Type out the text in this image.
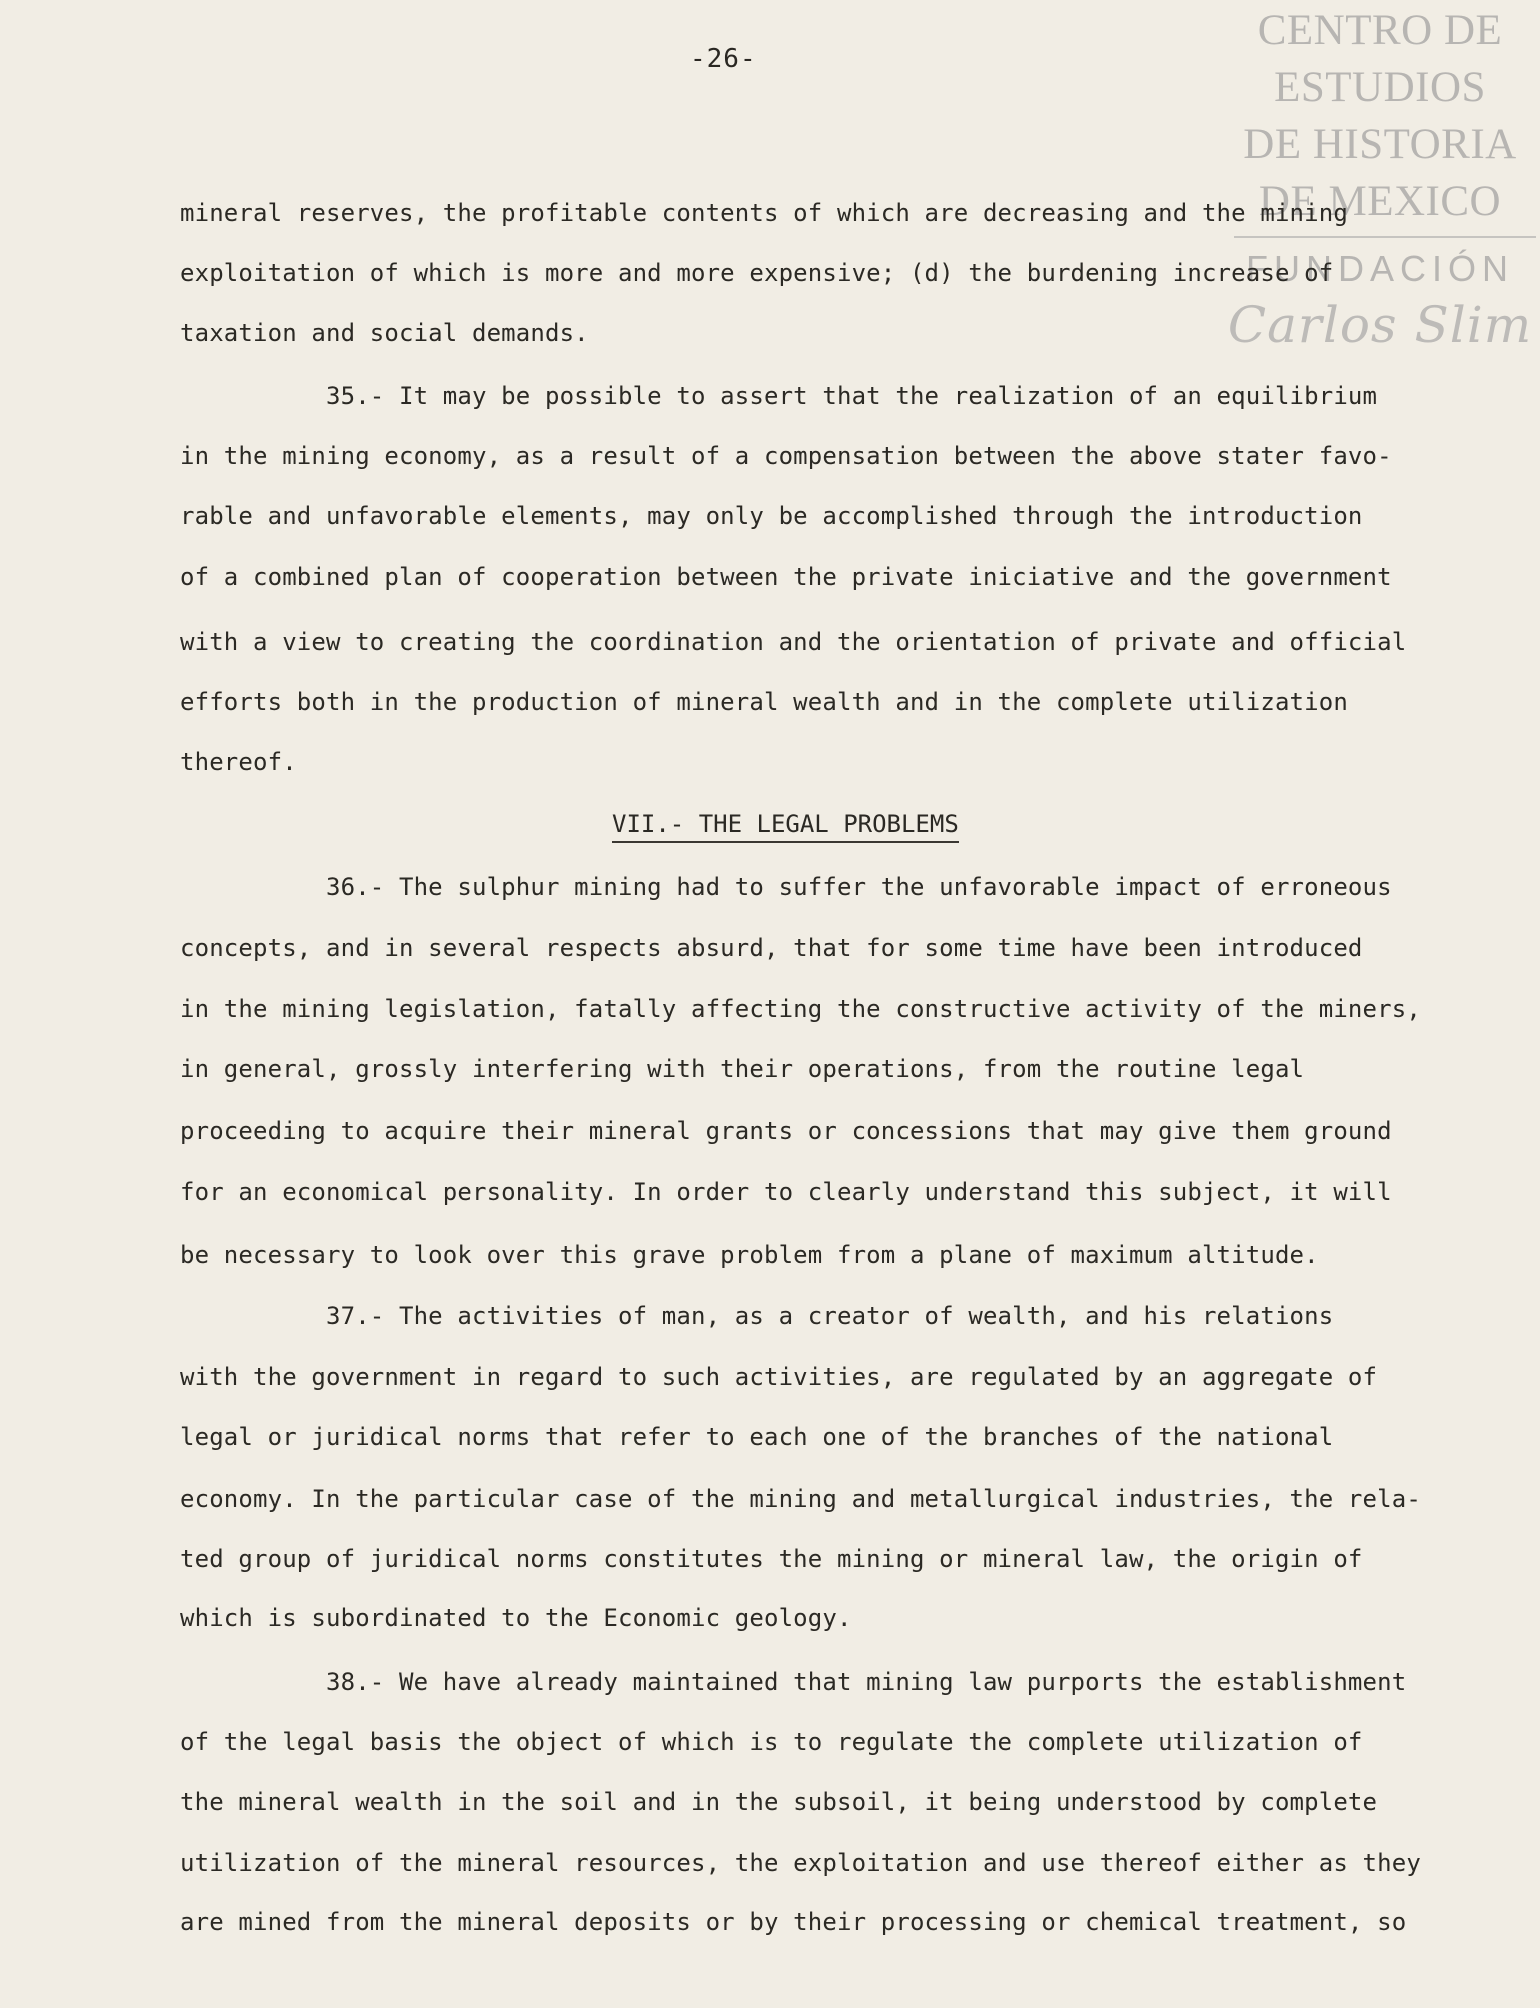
-26-
CENTRO DE
ESTUDIOS
DE HISTORIA
DE MEXICO
FUNDACIÓN
Carlos Slim
mineral reserves, the profitable contents of which are decreasing and the mining
exploitation of which is more and more expensive; (d) the burdening increase of
taxation and social demands.
35.- It may be possible to assert that the realization of an equilibrium
in the mining economy, as a result of a compensation between the above stater favo-
rable and unfavorable elements, may only be accomplished through the introduction
of a combined plan of cooperation between the private iniciative and the government
with a view to creating the coordination and the orientation of private and official
efforts both in the production of mineral wealth and in the complete utilization
thereof.
VII.- THE LEGAL PROBLEMS
36.- The sulphur mining had to suffer the unfavorable impact of erroneous
concepts, and in several respects absurd, that for some time have been introduced
in the mining legislation, fatally affecting the constructive activity of the miners,
in general, grossly interfering with their operations, from the routine legal
proceeding to acquire their mineral grants or concessions that may give them ground
for an economical personality. In order to clearly understand this subject, it will
be necessary to look over this grave problem from a plane of maximum altitude.
37.- The activities of man, as a creator of wealth, and his relations
with the government in regard to such activities, are regulated by an aggregate of
legal or juridical norms that refer to each one of the branches of the national
economy. In the particular case of the mining and metallurgical industries, the rela-
ted group of juridical norms constitutes the mining or mineral law, the origin of
which is subordinated to the Economic geology.
38.- We have already maintained that mining law purports the establishment
of the legal basis the object of which is to regulate the complete utilization of
the mineral wealth in the soil and in the subsoil, it being understood by complete
utilization of the mineral resources, the exploitation and use thereof either as they
are mined from the mineral deposits or by their processing or chemical treatment, so
